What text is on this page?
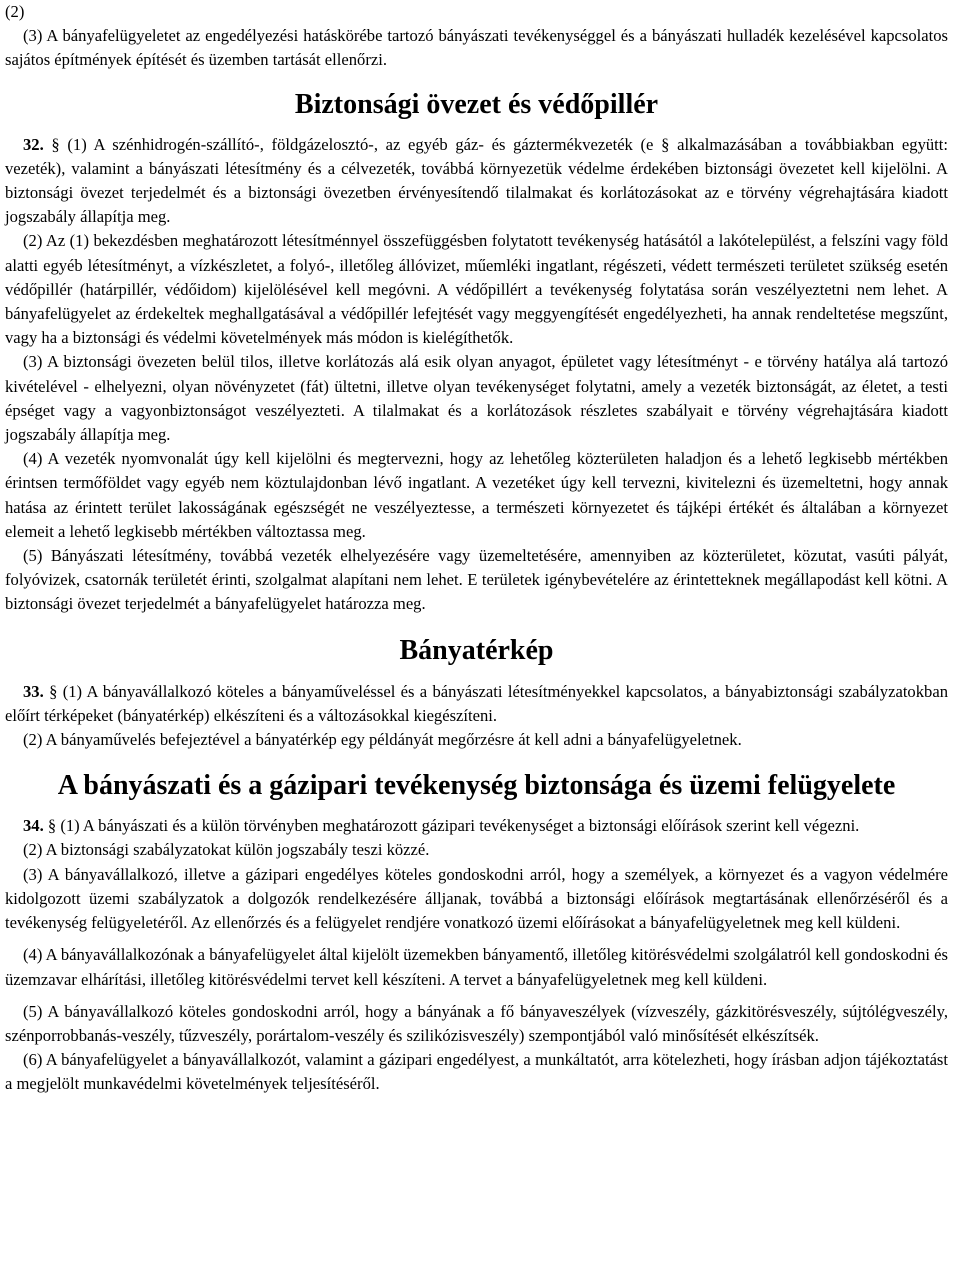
(2)

(3) A bányafelügyeletet az engedélyezési hatáskörébe tartozó bányászati tevékenységgel és a bányászati hulladék kezelésével kapcsolatos sajátos építmények építését és üzemben tartását ellenőrzi.

Biztonsági övezet és védőpillér

32. § (1) A szénhidrogén-szállító-, földgázelosztó-, az egyéb gáz- és gáztermékvezeték (e § alkalmazásában a továbbiakban együtt: vezeték), valamint a bányászati létesítmény és a célvezeték, továbbá környezetük védelme érdekében biztonsági övezetet kell kijelölni. A biztonsági övezet terjedelmét és a biztonsági övezetben érvényesítendő tilalmakat és korlátozásokat az e törvény végrehajtására kiadott jogszabály állapítja meg.

(2) Az (1) bekezdésben meghatározott létesítménnyel összefüggésben folytatott tevékenység hatásától a lakótelepülést, a felszíni vagy föld alatti egyéb létesítményt, a vízkészletet, a folyó-, illetőleg állóvizet, műemléki ingatlant, régészeti, védett természeti területet szükség esetén védőpillér (határpillér, védőidom) kijelölésével kell megóvni. A védőpillért a tevékenység folytatása során veszélyeztetni nem lehet. A bányafelügyelet az érdekeltek meghallgatásával a védőpillér lefejtését vagy meggyengítését engedélyezheti, ha annak rendeltetése megszűnt, vagy ha a biztonsági és védelmi követelmények más módon is kielégíthetők.

(3) A biztonsági övezeten belül tilos, illetve korlátozás alá esik olyan anyagot, épületet vagy létesítményt - e törvény hatálya alá tartozó kivételével - elhelyezni, olyan növényzetet (fát) ültetni, illetve olyan tevékenységet folytatni, amely a vezeték biztonságát, az életet, a testi épséget vagy a vagyonbiztonságot veszélyezteti. A tilalmakat és a korlátozások részletes szabályait e törvény végrehajtására kiadott jogszabály állapítja meg.

(4) A vezeték nyomvonalát úgy kell kijelölni és megtervezni, hogy az lehetőleg közterületen haladjon és a lehető legkisebb mértékben érintsen termőföldet vagy egyéb nem köztulajdonban lévő ingatlant. A vezetéket úgy kell tervezni, kivitelezni és üzemeltetni, hogy annak hatása az érintett terület lakosságának egészségét ne veszélyeztesse, a természeti környezetet és tájképi értékét és általában a környezet elemeit a lehető legkisebb mértékben változtassa meg.

(5) Bányászati létesítmény, továbbá vezeték elhelyezésére vagy üzemeltetésére, amennyiben az közterületet, közutat, vasúti pályát, folyóvizek, csatornák területét érinti, szolgalmat alapítani nem lehet. E területek igénybevételére az érintetteknek megállapodást kell kötni. A biztonsági övezet terjedelmét a bányafelügyelet határozza meg.

Bányatérkép

33. § (1) A bányavállalkozó köteles a bányaműveléssel és a bányászati létesítményekkel kapcsolatos, a bányabiztonsági szabályzatokban előírt térképeket (bányatérkép) elkészíteni és a változásokkal kiegészíteni.

(2) A bányaművelés befejeztével a bányatérkép egy példányát megőrzésre át kell adni a bányafelügyeletnek.

A bányászati és a gázipari tevékenység biztonsága és üzemi felügyelete

34. § (1) A bányászati és a külön törvényben meghatározott gázipari tevékenységet a biztonsági előírások szerint kell végezni.

(2) A biztonsági szabályzatokat külön jogszabály teszi közzé.

(3) A bányavállalkozó, illetve a gázipari engedélyes köteles gondoskodni arról, hogy a személyek, a környezet és a vagyon védelmére kidolgozott üzemi szabályzatok a dolgozók rendelkezésére álljanak, továbbá a biztonsági előírások megtartásának ellenőrzéséről és a tevékenység felügyeletéről. Az ellenőrzés és a felügyelet rendjére vonatkozó üzemi előírásokat a bányafelügyeletnek meg kell küldeni.

(4) A bányavállalkozónak a bányafelügyelet által kijelölt üzemekben bányamentő, illetőleg kitörésvédelmi szolgálatról kell gondoskodni és üzemzavar elhárítási, illetőleg kitörésvédelmi tervet kell készíteni. A tervet a bányafelügyeletnek meg kell küldeni.

(5) A bányavállalkozó köteles gondoskodni arról, hogy a bányának a fő bányaveszélyek (vízveszély, gázkitörésveszély, sújtólégveszély, szénporrobbanás-veszély, tűzveszély, porártalom-veszély és szilikózisveszély) szempontjából való minősítését elkészítsék.

(6) A bányafelügyelet a bányavállalkozót, valamint a gázipari engedélyest, a munkáltatót, arra kötelezheti, hogy írásban adjon tájékoztatást a megjelölt munkavédelmi követelmények teljesítéséről.
